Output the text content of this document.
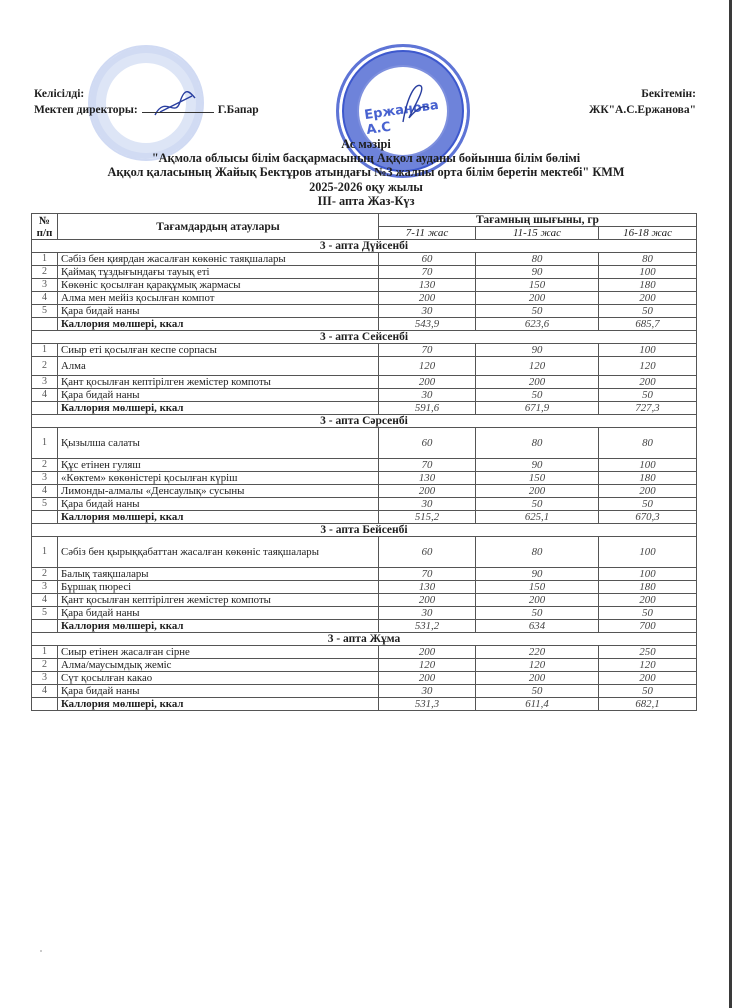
Ержанова А.С
Келісілді:
Мектеп директоры:	Г.Бапар
Бекітемін:
ЖК"А.С.Ержанова"
Ас мәзірі
"Ақмола облысы білім басқармасының Аққол ауданы бойынша білім бөлімі
Аққол қаласының Жайық Бектұров атындағы №3 жалпы орта білім беретін мектебі" КММ
2025-2026 оқу жылы
III- апта Жаз-Күз
№ п/п	Тағамдардың атаулары	Тағамның шығыны, гр		
		7-11 жас	11-15 жас	16-18 жас
3 - апта Дүйсенбі				
1	Сәбіз бен қиярдан жасалған көкөніс таяқшалары	60	80	80
2	Қаймақ тұздығындағы тауық еті	70	90	100
3	Көкөніс қосылған қарақұмық жармасы	130	150	180
4	Алма мен мейіз қосылған компот	200	200	200
5	Қара бидай наны	30	50	50
	Каллория мөлшері, ккал	543,9	623,6	685,7
3 - апта Сейсенбі				
1	Сиыр еті қосылған кеспе сорпасы	70	90	100
2	Алма	120	120	120
3	Қант қосылған кептірілген жемістер компоты	200	200	200
4	Қара бидай наны	30	50	50
	Каллория мөлшері, ккал	591,6	671,9	727,3
3 - апта Сәрсенбі				
1	Қызылша салаты	60	80	80
2	Құс етінен гуляш	70	90	100
3	«Көктем» көкөністері қосылған күріш	130	150	180
4	Лимонды-алмалы «Денсаулық» сусыны	200	200	200
5	Қара бидай наны	30	50	50
	Каллория мөлшері, ккал	515,2	625,1	670,3
3 - апта Бейсенбі				
1	Сәбіз бен қырыққабаттан жасалған көкөніс таяқшалары	60	80	100
2	Балық таяқшалары	70	90	100
3	Бұршақ пюресі	130	150	180
4	Қант қосылған кептірілген жемістер компоты	200	200	200
5	Қара бидай наны	30	50	50
	Каллория мөлшері, ккал	531,2	634	700
3 - апта Жұма				
1	Сиыр етінен жасалған сірне	200	220	250
2	Алма/маусымдық жеміс	120	120	120
3	Сүт қосылған какао	200	200	200
4	Қара бидай наны	30	50	50
	Каллория мөлшері, ккал	531,3	611,4	682,1
